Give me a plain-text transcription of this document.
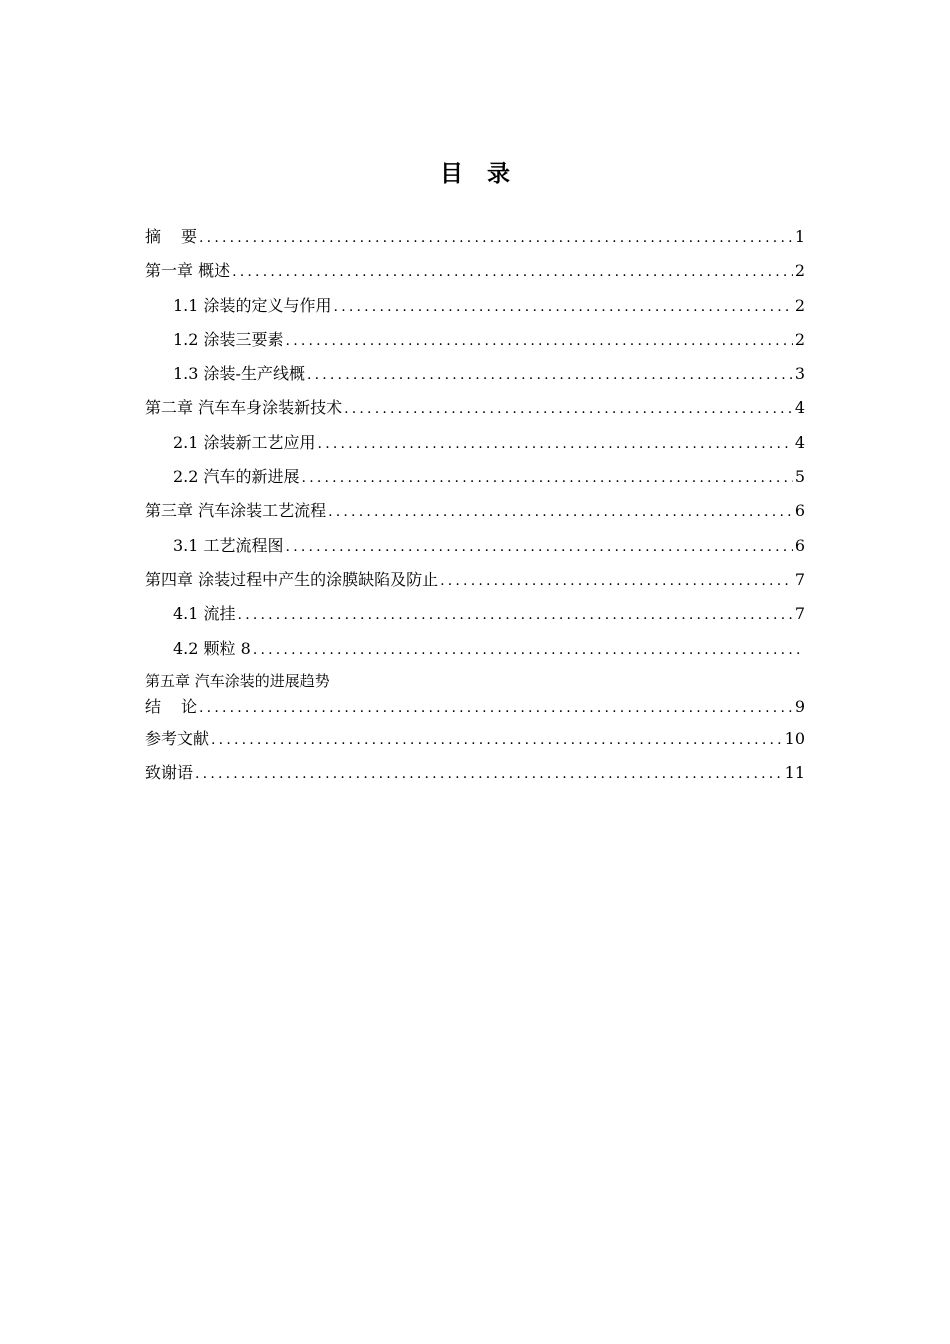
目 录
摘 要 .....	1
第一章 概述 .....	2
1.1 涂装的定义与作用 .....	2
1.2 涂装三要素 .....	2
1.3 涂装-生产线概 .....	3
第二章 汽车车身涂装新技术 .....	4
2.1 涂装新工艺应用 .....	4
2.2 汽车的新进展 .....	5
第三章 汽车涂装工艺流程 .....	6
3.1 工艺流程图 .....	6
第四章 涂装过程中产生的涂膜缺陷及防止 .....	7
4.1 流挂 .....	7
4.2 颗粒 8
.....
第五章 汽车涂装的进展趋势
结 论 .....	9
参考文献 .....	10
致谢语 .....	11
